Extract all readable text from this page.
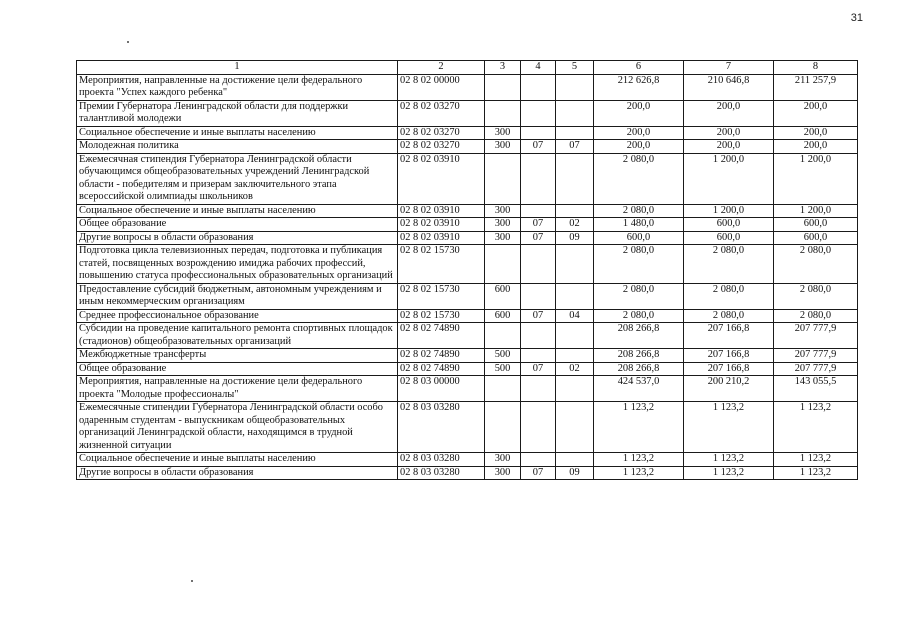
31
1	2	3	4	5	6	7	8
Мероприятия, направленные на достижение цели федерального проекта "Успех каждого ребенка"	02 8 02 00000				212 626,8	210 646,8	211 257,9
Премии Губернатора Ленинградской области для поддержки талантливой молодежи	02 8 02 03270				200,0	200,0	200,0
Социальное обеспечение и иные выплаты населению	02 8 02 03270	300			200,0	200,0	200,0
Молодежная политика	02 8 02 03270	300	07	07	200,0	200,0	200,0
Ежемесячная стипендия Губернатора Ленинградской области обучающимся общеобразовательных учреждений Ленинградской области - победителям и призерам заключительного этапа всероссийской олимпиады школьников	02 8 02 03910				2 080,0	1 200,0	1 200,0
Социальное обеспечение и иные выплаты населению	02 8 02 03910	300			2 080,0	1 200,0	1 200,0
Общее образование	02 8 02 03910	300	07	02	1 480,0	600,0	600,0
Другие вопросы в области образования	02 8 02 03910	300	07	09	600,0	600,0	600,0
Подготовка цикла телевизионных передач, подготовка и публикация статей, посвященных возрождению имиджа рабочих профессий, повышению статуса профессиональных образовательных организаций	02 8 02 15730				2 080,0	2 080,0	2 080,0
Предоставление субсидий бюджетным, автономным учреждениям и иным некоммерческим организациям	02 8 02 15730	600			2 080,0	2 080,0	2 080,0
Среднее профессиональное образование	02 8 02 15730	600	07	04	2 080,0	2 080,0	2 080,0
Субсидии на проведение капитального ремонта спортивных площадок (стадионов) общеобразовательных организаций	02 8 02 74890				208 266,8	207 166,8	207 777,9
Межбюджетные трансферты	02 8 02 74890	500			208 266,8	207 166,8	207 777,9
Общее образование	02 8 02 74890	500	07	02	208 266,8	207 166,8	207 777,9
Мероприятия, направленные на достижение цели федерального проекта "Молодые профессионалы"	02 8 03 00000				424 537,0	200 210,2	143 055,5
Ежемесячные стипендии Губернатора Ленинградской области особо одаренным студентам - выпускникам общеобразовательных организаций Ленинградской области, находящимся в трудной жизненной ситуации	02 8 03 03280				1 123,2	1 123,2	1 123,2
Социальное обеспечение и иные выплаты населению	02 8 03 03280	300			1 123,2	1 123,2	1 123,2
Другие вопросы в области образования	02 8 03 03280	300	07	09	1 123,2	1 123,2	1 123,2
